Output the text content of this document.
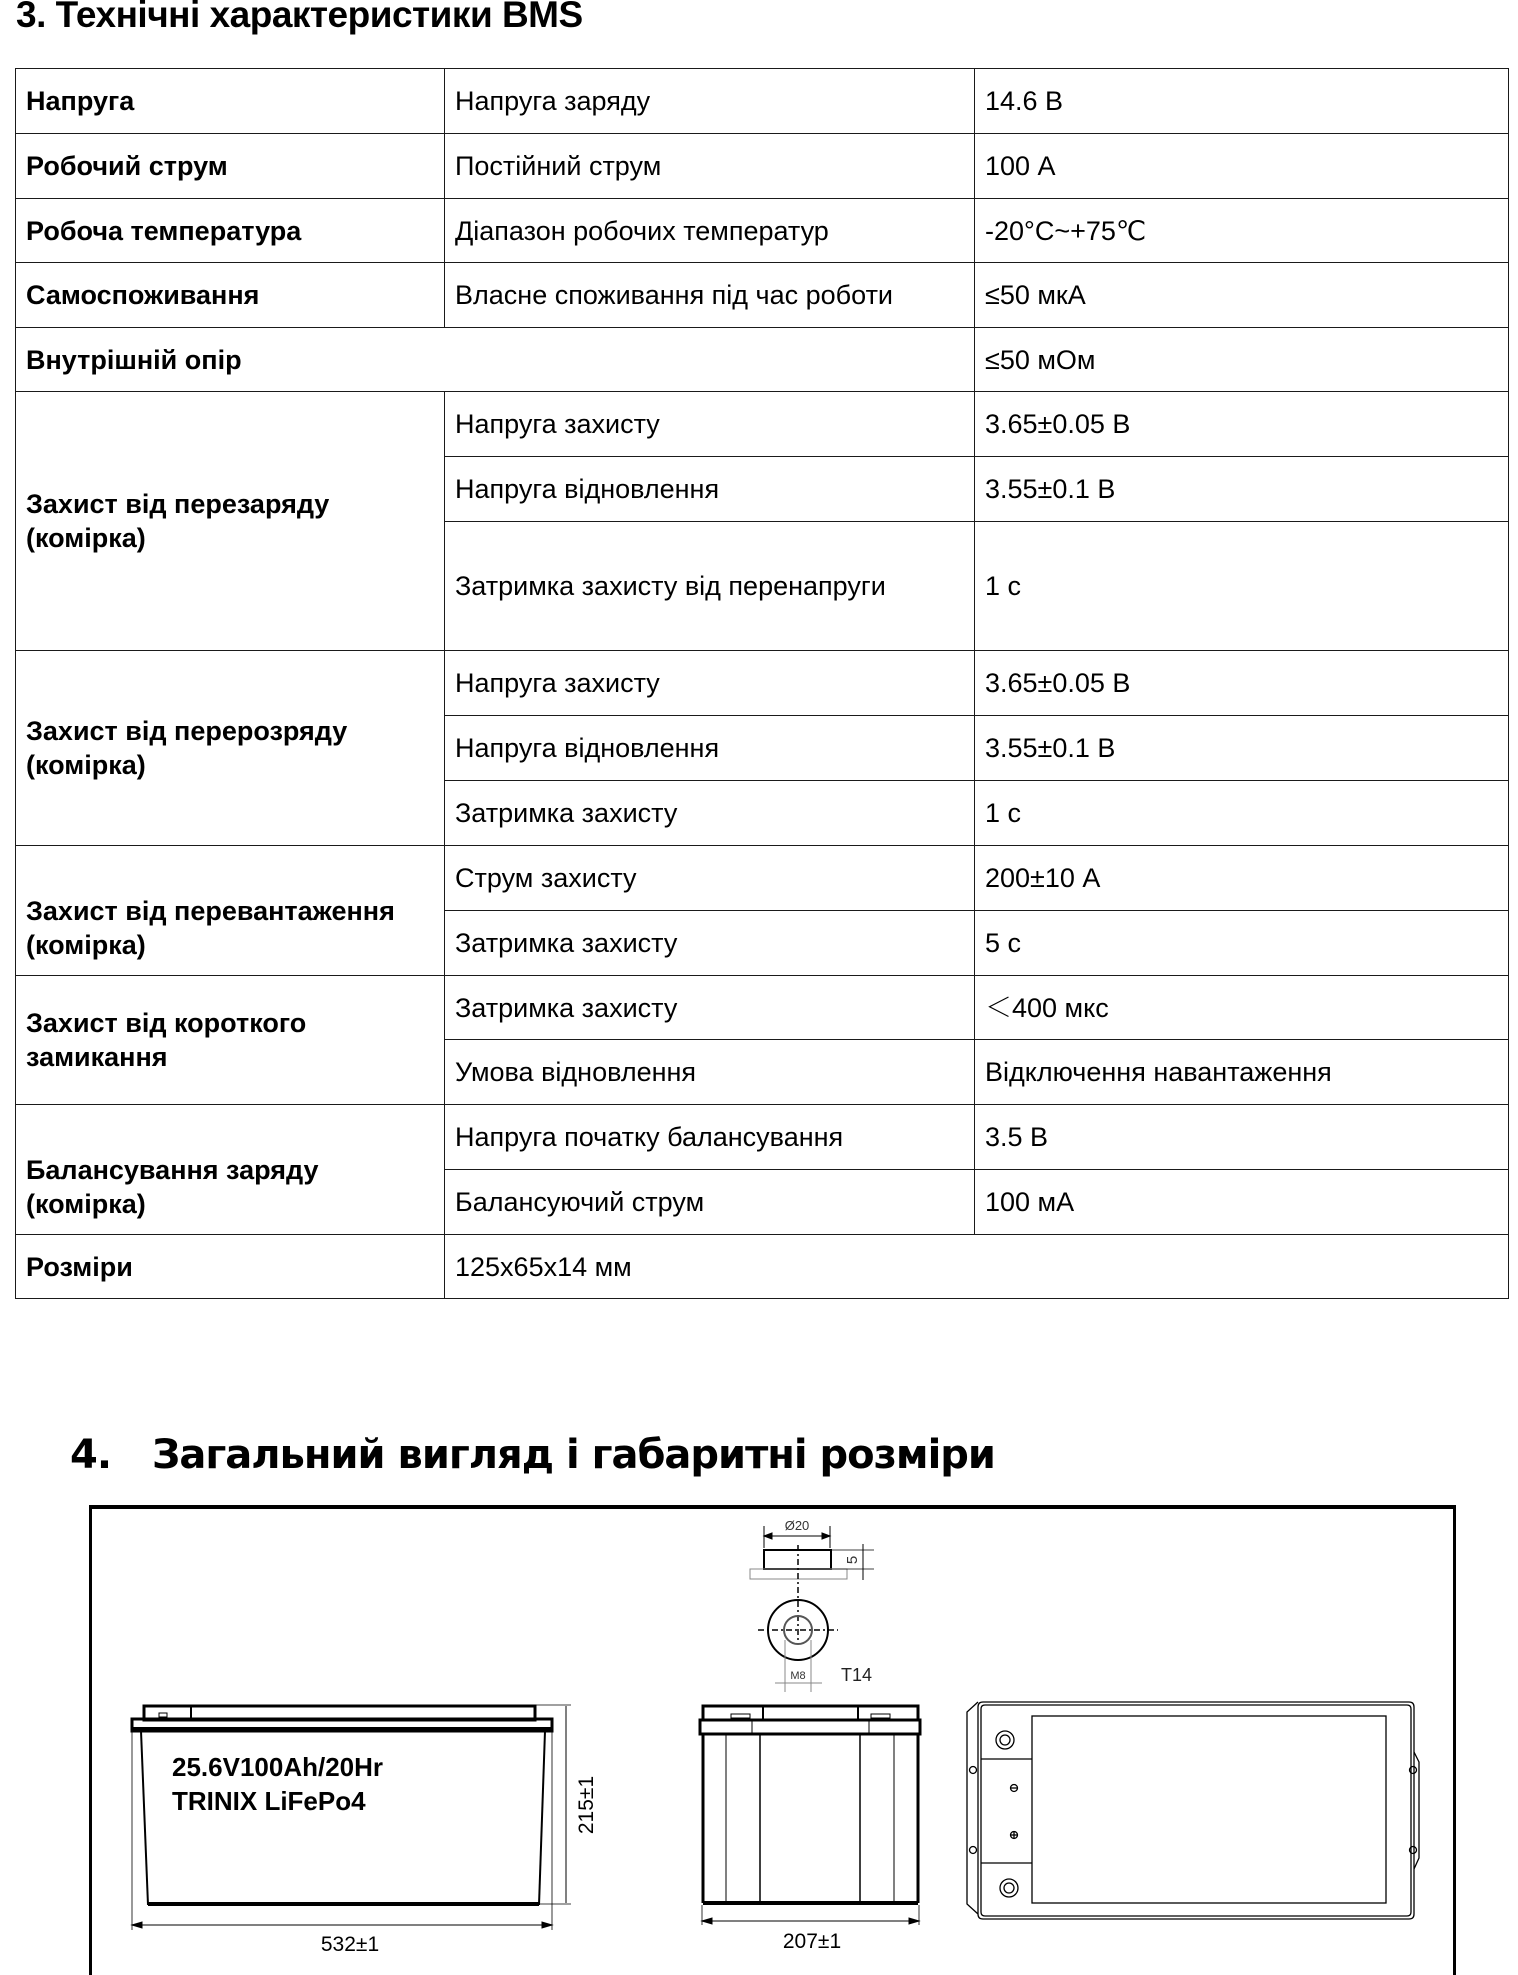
3. Технічні характеристики BMS
Напруга	Напруга заряду	14.6 В
Робочий струм	Постійний струм	100 А
Робоча температура	Діапазон робочих температур	-20°C~+75℃
Самоспоживання	Власне споживання під час роботи	≤50 мкА
Внутрішній опір		≤50 мОм
Захист від перезаряду (комірка)	Напруга захисту	3.65±0.05 В
	Напруга відновлення	3.55±0.1 В
	Затримка захисту від перенапруги	1 с
Захист від перерозряду (комірка)	Напруга захисту	3.65±0.05 В
	Напруга відновлення	3.55±0.1 В
	Затримка захисту	1 с
Захист від перевантаження (комірка)	Струм захисту	200±10 А
	Затримка захисту	5 с
Захист від короткого замикання	Затримка захисту	＜400 мкс
	Умова відновлення	Відключення навантаження
Балансування заряду (комірка)	Напруга початку балансування	3.5 В
	Балансуючий струм	100 мА
Розміри	125x65x14 мм	
4. Загальний вигляд і габаритні розміри
Ø20
5
M8 T14
25.6V100Ah/20Hr
TRINIX LiFePo4	215±1
532±1	207±1
